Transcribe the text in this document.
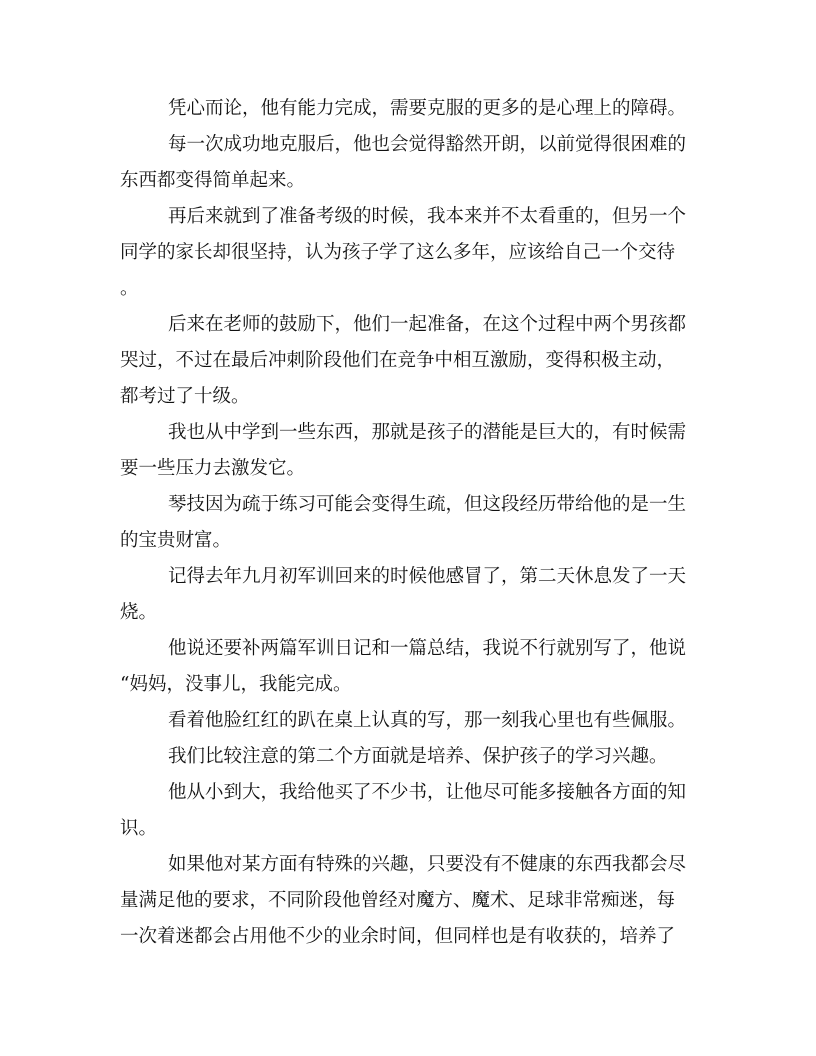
凭心而论，他有能力完成，需要克服的更多的是心理上的障碍。

每一次成功地克服后，他也会觉得豁然开朗，以前觉得很困难的

东西都变得简单起来。

再后来就到了准备考级的时候，我本来并不太看重的，但另一个

同学的家长却很坚持，认为孩子学了这么多年，应该给自己一个交待

。

后来在老师的鼓励下，他们一起准备，在这个过程中两个男孩都

哭过，不过在最后冲刺阶段他们在竞争中相互激励，变得积极主动，

都考过了十级。

我也从中学到一些东西，那就是孩子的潜能是巨大的，有时候需

要一些压力去激发它。

琴技因为疏于练习可能会变得生疏，但这段经历带给他的是一生

的宝贵财富。

记得去年九月初军训回来的时候他感冒了，第二天休息发了一天

烧。

他说还要补两篇军训日记和一篇总结，我说不行就别写了，他说

“妈妈，没事儿，我能完成。

看着他脸红红的趴在桌上认真的写，那一刻我心里也有些佩服。

我们比较注意的第二个方面就是培养、保护孩子的学习兴趣。

他从小到大，我给他买了不少书，让他尽可能多接触各方面的知

识。

如果他对某方面有特殊的兴趣，只要没有不健康的东西我都会尽

量满足他的要求，不同阶段他曾经对魔方、魔术、足球非常痴迷，每

一次着迷都会占用他不少的业余时间，但同样也是有收获的，培养了
